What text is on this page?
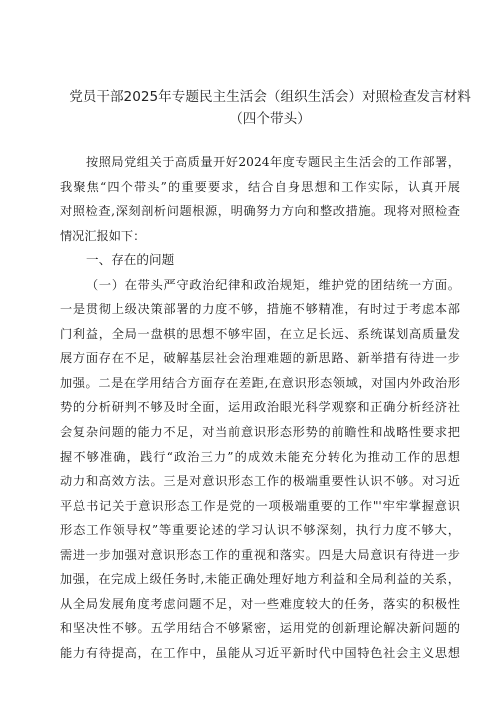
党员干部2025年专题民主生活会（组织生活会）对照检查发言材料
（四个带头）
按照局党组关于高质量开好2024年度专题民主生活会的工作部署，
我聚焦“四个带头”的重要要求，结合自身思想和工作实际，认真开展
对照检查,深刻剖析问题根源，明确努力方向和整改措施。现将对照检查
情况汇报如下：
一、存在的问题
（一）在带头严守政治纪律和政治规矩，维护党的团结统一方面。
一是贯彻上级决策部署的力度不够，措施不够精准，有时过于考虑本部
门利益，全局一盘棋的思想不够牢固，在立足长远、系统谋划高质量发
展方面存在不足，破解基层社会治理难题的新思路、新举措有待进一步
加强。二是在学用结合方面存在差距,在意识形态领域，对国内外政治形
势的分析研判不够及时全面，运用政治眼光科学观察和正确分析经济社
会复杂问题的能力不足，对当前意识形态形势的前瞻性和战略性要求把
握不够准确，践行“政治三力”的成效未能充分转化为推动工作的思想
动力和高效方法。三是对意识形态工作的极端重要性认识不够。对习近
平总书记关于意识形态工作是党的一项极端重要的工作"'牢牢掌握意识
形态工作领导权”等重要论述的学习认识不够深刻，执行力度不够大，
需进一步加强对意识形态工作的重视和落实。四是大局意识有待进一步
加强，在完成上级任务时,未能正确处理好地方利益和全局利益的关系，
从全局发展角度考虑问题不足，对一些难度较大的任务，落实的积极性
和坚决性不够。五学用结合不够紧密，运用党的创新理论解决新问题的
能力有待提高，在工作中，虽能从习近平新时代中国特色社会主义思想
